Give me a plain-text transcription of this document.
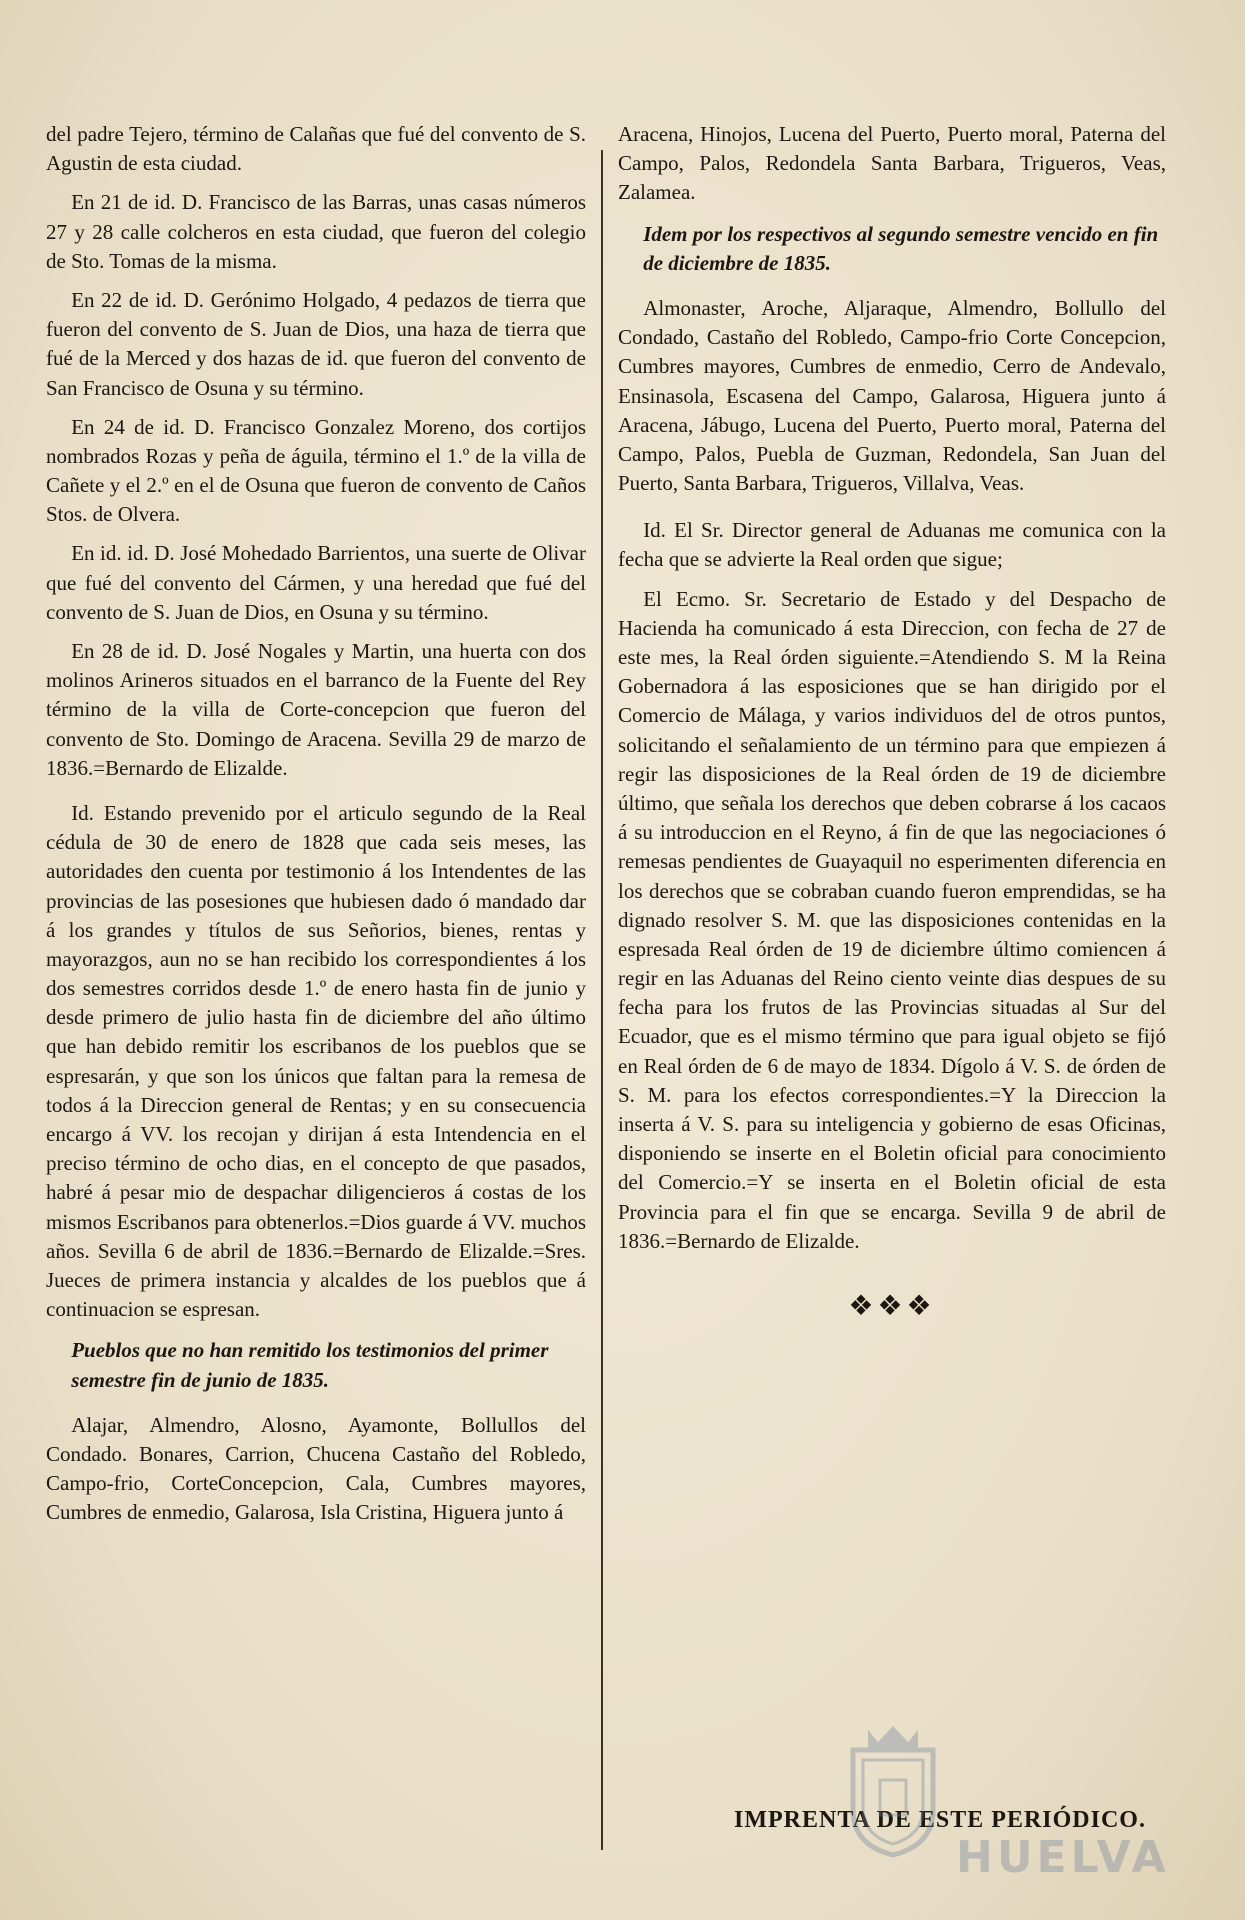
del padre Tejero, término de Calañas que fué del convento de S. Agustin de esta ciudad.

En 21 de id. D. Francisco de las Barras, unas casas números 27 y 28 calle colcheros en esta ciudad, que fueron del colegio de Sto. Tomas de la misma.

En 22 de id. D. Gerónimo Holgado, 4 pedazos de tierra que fueron del convento de S. Juan de Dios, una haza de tierra que fué de la Merced y dos hazas de id. que fueron del convento de San Francisco de Osuna y su término.

En 24 de id. D. Francisco Gonzalez Moreno, dos cortijos nombrados Rozas y peña de águila, término el 1.º de la villa de Cañete y el 2.º en el de Osuna que fueron de convento de Caños Stos. de Olvera.

En id. id. D. José Mohedado Barrientos, una suerte de Olivar que fué del convento del Cármen, y una heredad que fué del convento de S. Juan de Dios, en Osuna y su término.

En 28 de id. D. José Nogales y Martin, una huerta con dos molinos Arineros situados en el barranco de la Fuente del Rey término de la villa de Corte-concepcion que fueron del convento de Sto. Domingo de Aracena. Sevilla 29 de marzo de 1836.=Bernardo de Elizalde.

Id. Estando prevenido por el articulo segundo de la Real cédula de 30 de enero de 1828 que cada seis meses, las autoridades den cuenta por testimonio á los Intendentes de las provincias de las posesiones que hubiesen dado ó mandado dar á los grandes y títulos de sus Señorios, bienes, rentas y mayorazgos, aun no se han recibido los correspondientes á los dos semestres corridos desde 1.º de enero hasta fin de junio y desde primero de julio hasta fin de diciembre del año último que han debido remitir los escribanos de los pueblos que se espresarán, y que son los únicos que faltan para la remesa de todos á la Direccion general de Rentas; y en su consecuencia encargo á VV. los recojan y dirijan á esta Intendencia en el preciso término de ocho dias, en el concepto de que pasados, habré á pesar mio de despachar diligencieros á costas de los mismos Escribanos para obtenerlos.=Dios guarde á VV. muchos años. Sevilla 6 de abril de 1836.=Bernardo de Elizalde.=Sres. Jueces de primera instancia y alcaldes de los pueblos que á continuacion se espresan.

Pueblos que no han remitido los testimonios del primer semestre fin de junio de 1835.

Alajar, Almendro, Alosno, Ayamonte, Bollullos del Condado. Bonares, Carrion, Chucena Castaño del Robledo, Campo-frio, CorteConcepcion, Cala, Cumbres mayores, Cumbres de enmedio, Galarosa, Isla Cristina, Higuera junto á

Aracena, Hinojos, Lucena del Puerto, Puerto moral, Paterna del Campo, Palos, Redondela Santa Barbara, Trigueros, Veas, Zalamea.

Idem por los respectivos al segundo semestre vencido en fin de diciembre de 1835.

Almonaster, Aroche, Aljaraque, Almendro, Bollullo del Condado, Castaño del Robledo, Campo-frio Corte Concepcion, Cumbres mayores, Cumbres de enmedio, Cerro de Andevalo, Ensinasola, Escasena del Campo, Galarosa, Higuera junto á Aracena, Jábugo, Lucena del Puerto, Puerto moral, Paterna del Campo, Palos, Puebla de Guzman, Redondela, San Juan del Puerto, Santa Barbara, Trigueros, Villalva, Veas.

Id. El Sr. Director general de Aduanas me comunica con la fecha que se advierte la Real orden que sigue;

El Ecmo. Sr. Secretario de Estado y del Despacho de Hacienda ha comunicado á esta Direccion, con fecha de 27 de este mes, la Real órden siguiente.=Atendiendo S. M la Reina Gobernadora á las esposiciones que se han dirigido por el Comercio de Málaga, y varios individuos del de otros puntos, solicitando el señalamiento de un término para que empiezen á regir las disposiciones de la Real órden de 19 de diciembre último, que señala los derechos que deben cobrarse á los cacaos á su introduccion en el Reyno, á fin de que las negociaciones ó remesas pendientes de Guayaquil no esperimenten diferencia en los derechos que se cobraban cuando fueron emprendidas, se ha dignado resolver S. M. que las disposiciones contenidas en la espresada Real órden de 19 de diciembre último comiencen á regir en las Aduanas del Reino ciento veinte dias despues de su fecha para los frutos de las Provincias situadas al Sur del Ecuador, que es el mismo término que para igual objeto se fijó en Real órden de 6 de mayo de 1834. Dígolo á V. S. de órden de S. M. para los efectos correspondientes.=Y la Direccion la inserta á V. S. para su inteligencia y gobierno de esas Oficinas, disponiendo se inserte en el Boletin oficial para conocimiento del Comercio.=Y se inserta en el Boletin oficial de esta Provincia para el fin que se encarga. Sevilla 9 de abril de 1836.=Bernardo de Elizalde.

❖❖❖
IMPRENTA DE ESTE PERIÓDICO.
HUELVA
